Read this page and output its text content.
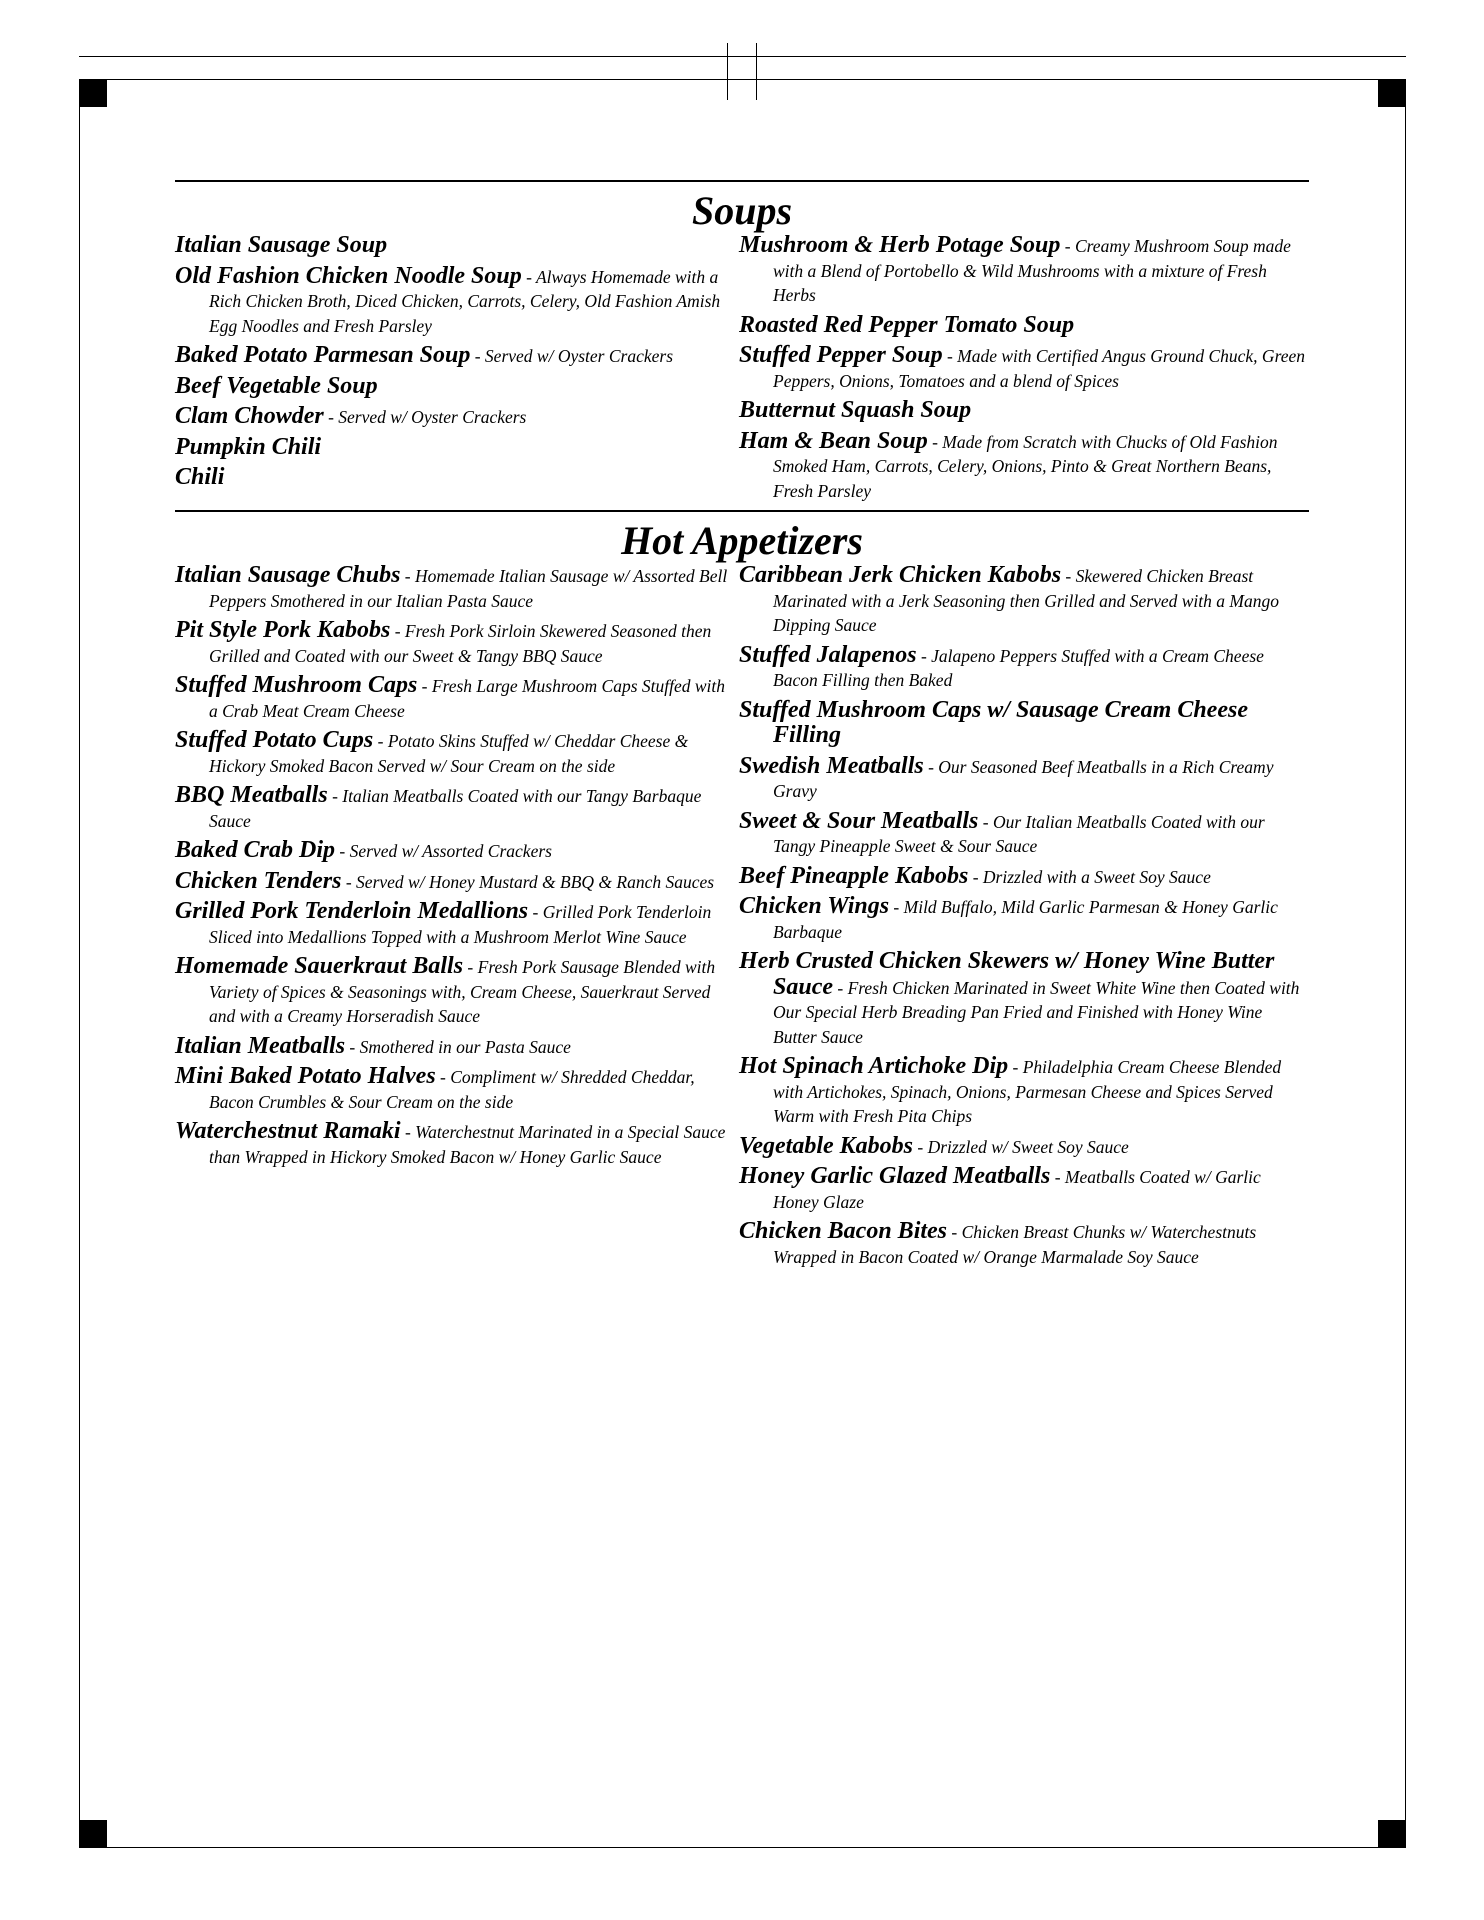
Soups

Italian Sausage Soup

Old Fashion Chicken Noodle Soup - Always Homemade with a Rich Chicken Broth, Diced Chicken, Carrots, Celery, Old Fashion Amish Egg Noodles and Fresh Parsley

Baked Potato Parmesan Soup - Served w/ Oyster Crackers

Beef Vegetable Soup

Clam Chowder - Served w/ Oyster Crackers

Pumpkin Chili

Chili

Mushroom & Herb Potage Soup - Creamy Mushroom Soup made with a Blend of Portobello & Wild Mushrooms with a mixture of Fresh Herbs

Roasted Red Pepper Tomato Soup

Stuffed Pepper Soup - Made with Certified Angus Ground Chuck, Green Peppers, Onions, Tomatoes and a blend of Spices

Butternut Squash Soup

Ham & Bean Soup - Made from Scratch with Chucks of Old Fashion Smoked Ham, Carrots, Celery, Onions, Pinto & Great Northern Beans, Fresh Parsley

Hot Appetizers

Italian Sausage Chubs - Homemade Italian Sausage w/ Assorted Bell Peppers Smothered in our Italian Pasta Sauce

Pit Style Pork Kabobs - Fresh Pork Sirloin Skewered Seasoned then Grilled and Coated with our Sweet & Tangy BBQ Sauce

Stuffed Mushroom Caps - Fresh Large Mushroom Caps Stuffed with a Crab Meat Cream Cheese

Stuffed Potato Cups - Potato Skins Stuffed w/ Cheddar Cheese & Hickory Smoked Bacon Served w/ Sour Cream on the side

BBQ Meatballs - Italian Meatballs Coated with our Tangy Barbaque Sauce

Baked Crab Dip - Served w/ Assorted Crackers

Chicken Tenders - Served w/ Honey Mustard & BBQ & Ranch Sauces

Grilled Pork Tenderloin Medallions - Grilled Pork Tenderloin Sliced into Medallions Topped with a Mushroom Merlot Wine Sauce

Homemade Sauerkraut Balls - Fresh Pork Sausage Blended with Variety of Spices & Seasonings with, Cream Cheese, Sauerkraut Served and with a Creamy Horseradish Sauce

Italian Meatballs - Smothered in our Pasta Sauce

Mini Baked Potato Halves - Compliment w/ Shredded Cheddar, Bacon Crumbles & Sour Cream on the side

Waterchestnut Ramaki - Waterchestnut Marinated in a Special Sauce than Wrapped in Hickory Smoked Bacon w/ Honey Garlic Sauce

Caribbean Jerk Chicken Kabobs - Skewered Chicken Breast Marinated with a Jerk Seasoning then Grilled and Served with a Mango Dipping Sauce

Stuffed Jalapenos - Jalapeno Peppers Stuffed with a Cream Cheese Bacon Filling then Baked

Stuffed Mushroom Caps w/ Sausage Cream Cheese Filling

Swedish Meatballs - Our Seasoned Beef Meatballs in a Rich Creamy Gravy

Sweet & Sour Meatballs - Our Italian Meatballs Coated with our Tangy Pineapple Sweet & Sour Sauce

Beef Pineapple Kabobs - Drizzled with a Sweet Soy Sauce

Chicken Wings - Mild Buffalo, Mild Garlic Parmesan & Honey Garlic Barbaque

Herb Crusted Chicken Skewers w/ Honey Wine Butter Sauce - Fresh Chicken Marinated in Sweet White Wine then Coated with Our Special Herb Breading Pan Fried and Finished with Honey Wine Butter Sauce

Hot Spinach Artichoke Dip - Philadelphia Cream Cheese Blended with Artichokes, Spinach, Onions, Parmesan Cheese and Spices Served Warm with Fresh Pita Chips

Vegetable Kabobs - Drizzled w/ Sweet Soy Sauce

Honey Garlic Glazed Meatballs - Meatballs Coated w/ Garlic Honey Glaze

Chicken Bacon Bites - Chicken Breast Chunks w/ Waterchestnuts Wrapped in Bacon Coated w/ Orange Marmalade Soy Sauce
